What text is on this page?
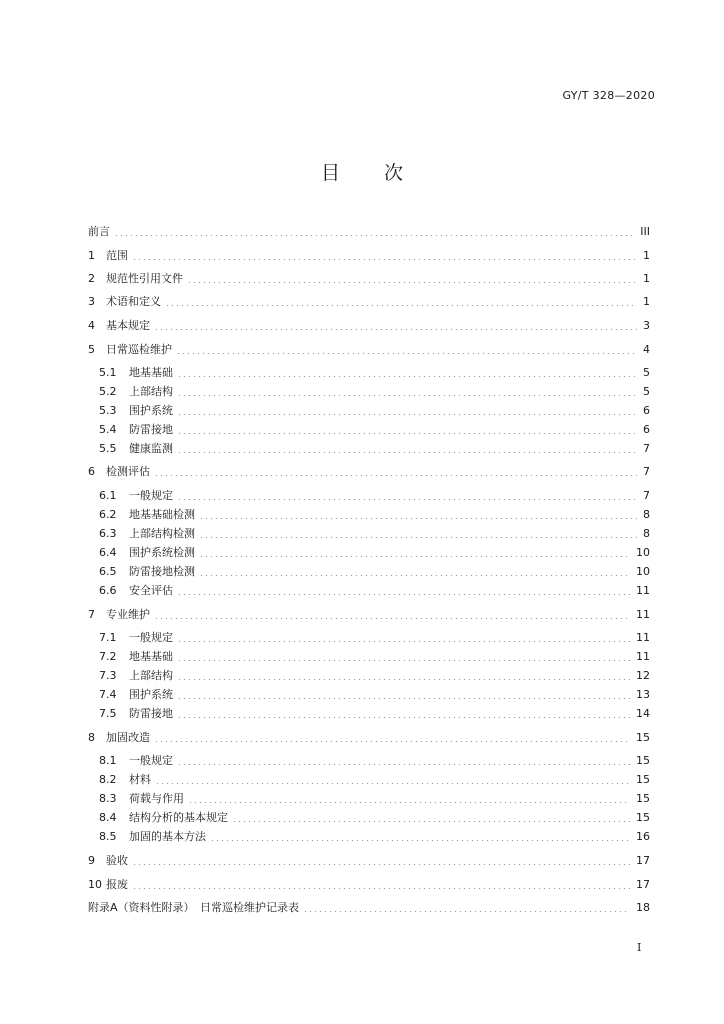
GY/T 328—2020
目 次
前言	III
1	范围	1
2	规范性引用文件	1
3	术语和定义	1
4	基本规定	3
5	日常巡检维护	4
5.1	地基基础	5
5.2	上部结构	5
5.3	围护系统	6
5.4	防雷接地	6
5.5	健康监测	7
6	检测评估	7
6.1	一般规定	7
6.2	地基基础检测	8
6.3	上部结构检测	8
6.4	围护系统检测	10
6.5	防雷接地检测	10
6.6	安全评估	11
7	专业维护	11
7.1	一般规定	11
7.2	地基基础	11
7.3	上部结构	12
7.4	围护系统	13
7.5	防雷接地	14
8	加固改造	15
8.1	一般规定	15
8.2	材料	15
8.3	荷载与作用	15
8.4	结构分析的基本规定	15
8.5	加固的基本方法	16
9	验收	17
10 报废	17
附录A（资料性附录）　日常巡检维护记录表	18
I
